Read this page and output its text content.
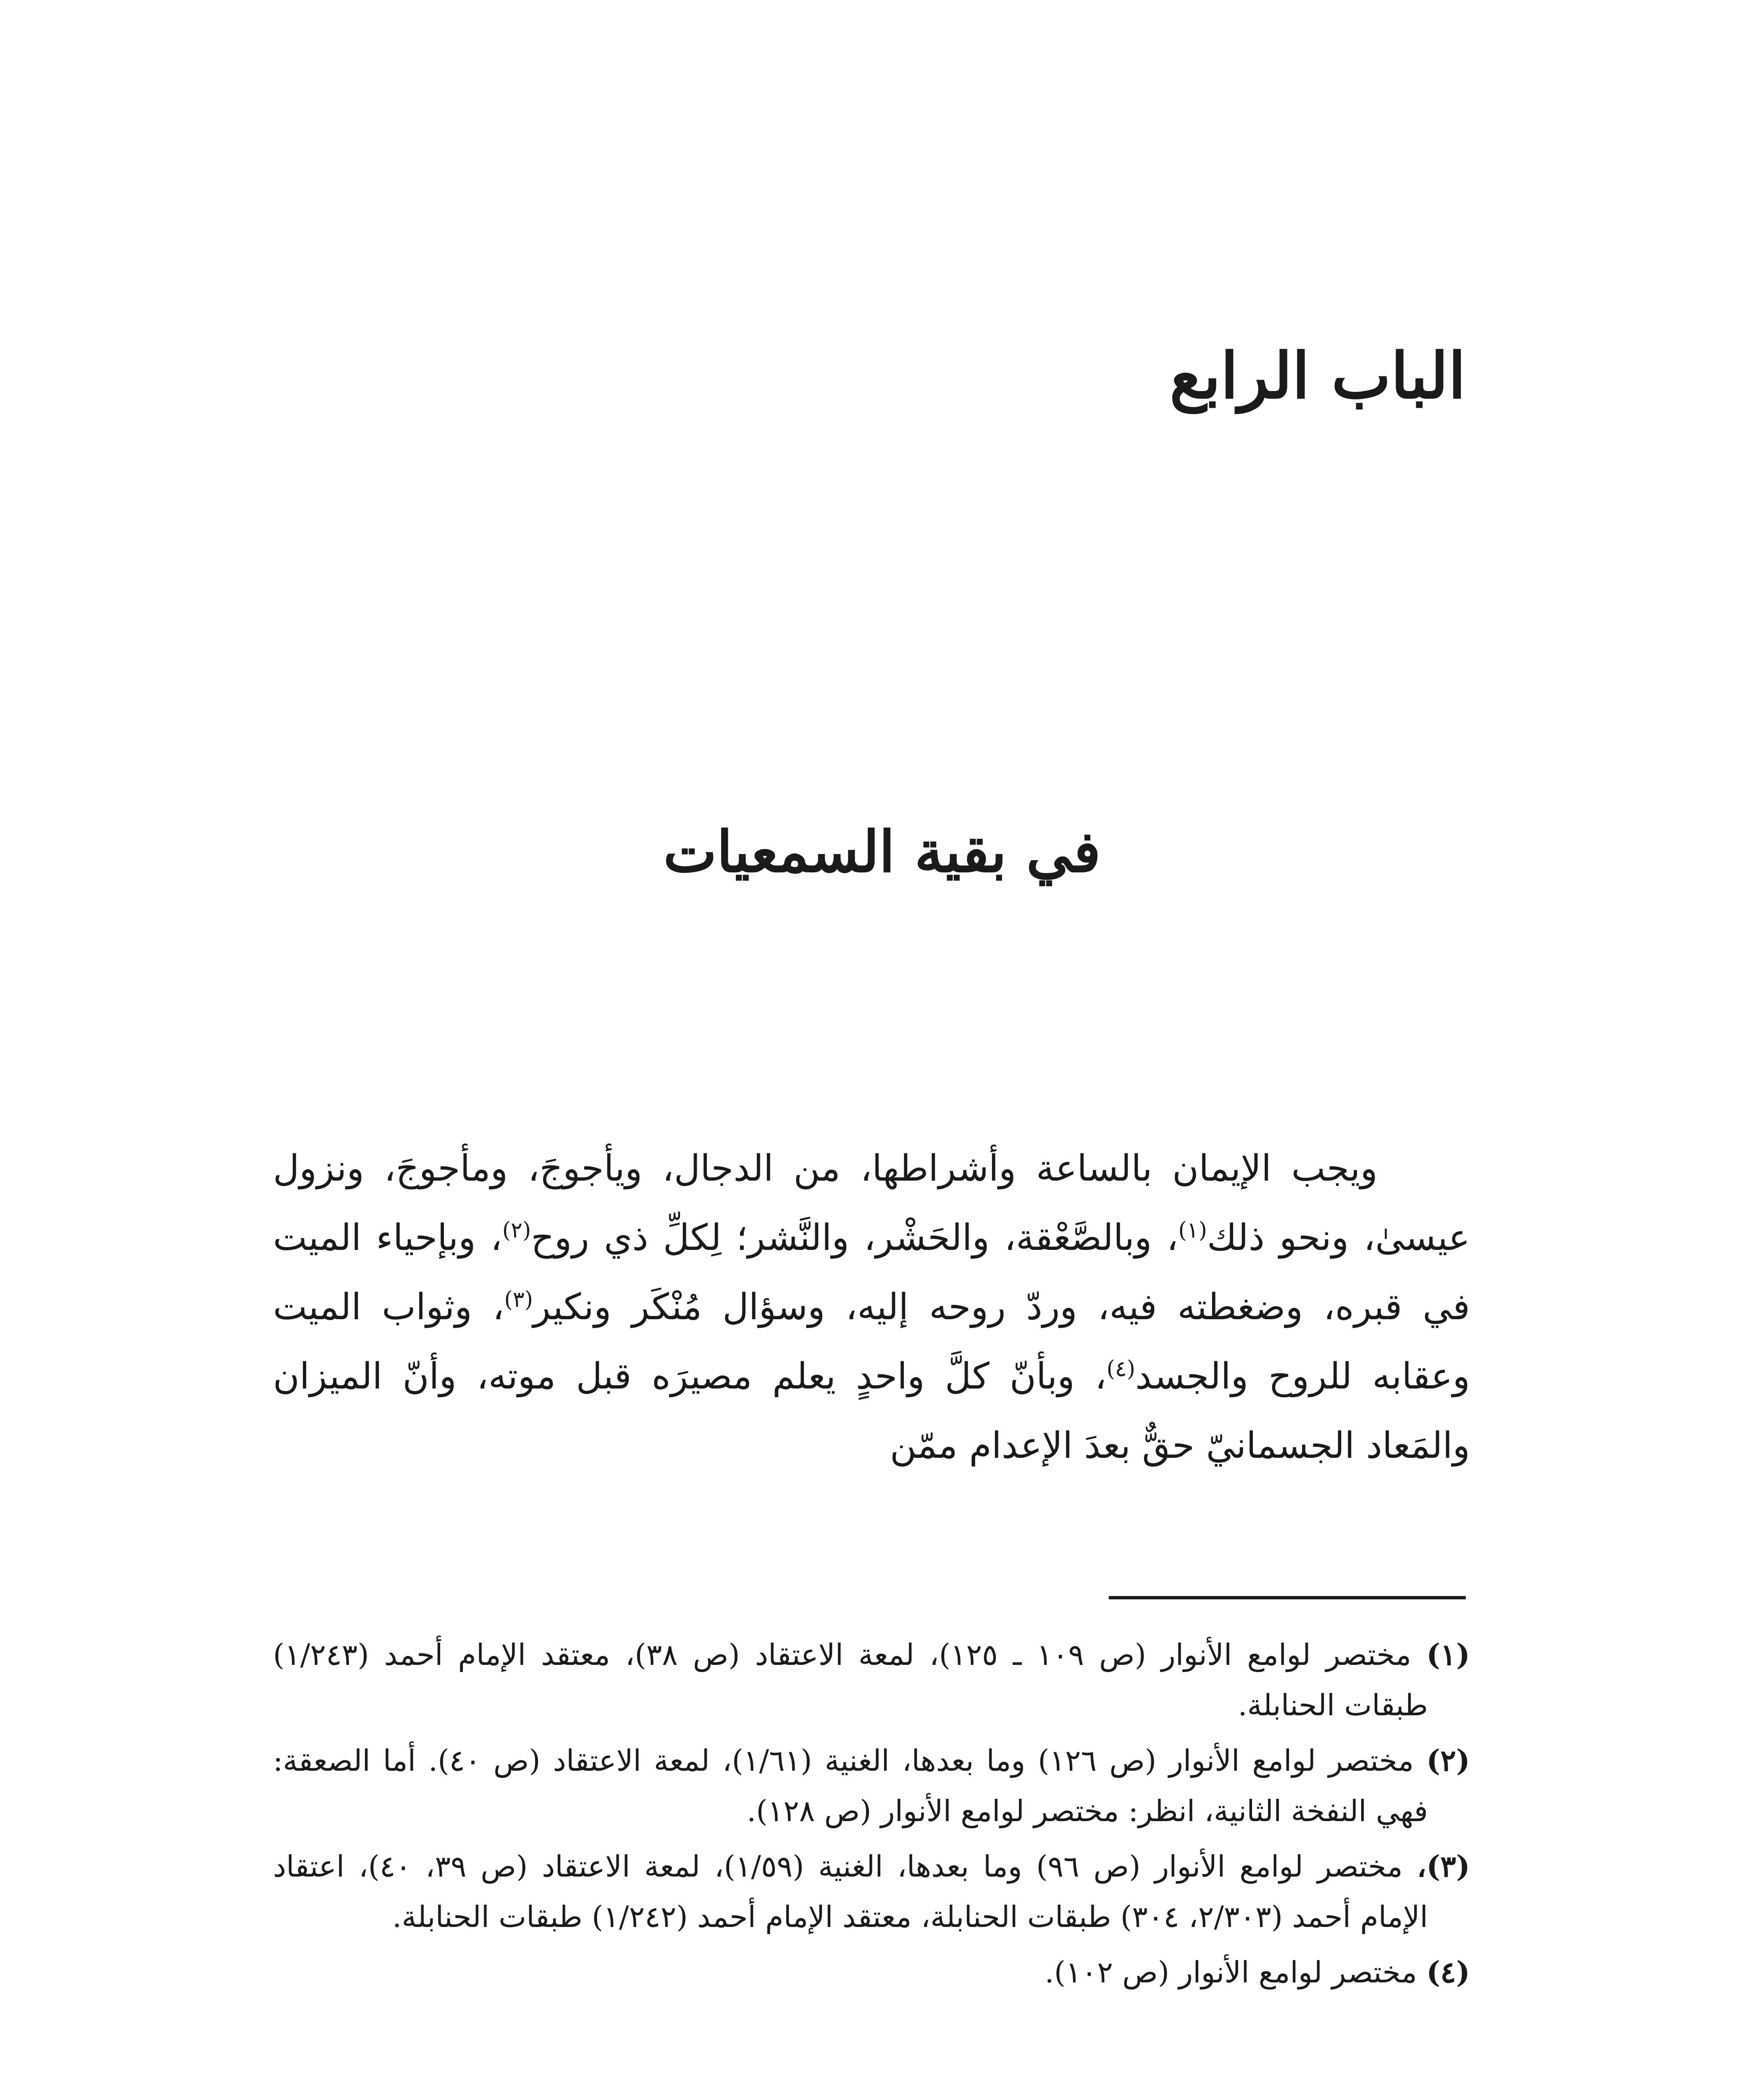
الباب الرابع
في بقية السمعيات

ويجب الإيمان بالساعة وأشراطها، من الدجال، ويأجوجَ، ومأجوجَ، ونزول عيسىٰ، ونحو ذلك$^{(١)}$، وبالصَّعْقة، والحَشْر، والنَّشر؛ لِكلِّ ذي روح$^{(٢)}$، وبإحياء الميت في قبره، وضغطته فيه، وردّ روحه إليه، وسؤال مُنْكَر ونكير$^{(٣)}$، وثواب الميت وعقابه للروح والجسد$^{(٤)}$، وبأنّ كلَّ واحدٍ يعلم مصيرَه قبل موته، وأنّ الميزان والمَعاد الجسمانيّ حقٌّ بعدَ الإعدام ممّن

(١) مختصر لوامع الأنوار (ص ١٠٩ ـ ١٢٥)، لمعة الاعتقاد (ص ٣٨)، معتقد الإمام أحمد (١/٢٤٣) طبقات الحنابلة.
(٢) مختصر لوامع الأنوار (ص ١٢٦) وما بعدها، الغنية (١/٦١)، لمعة الاعتقاد (ص ٤٠). أما الصعقة: فهي النفخة الثانية، انظر: مختصر لوامع الأنوار (ص ١٢٨).
(٣)، مختصر لوامع الأنوار (ص ٩٦) وما بعدها، الغنية (١/٥٩)، لمعة الاعتقاد (ص ٣٩، ٤٠)، اعتقاد الإمام أحمد (٢/٣٠٣، ٣٠٤) طبقات الحنابلة، معتقد الإمام أحمد (١/٢٤٢) طبقات الحنابلة.
(٤) مختصر لوامع الأنوار (ص ١٠٢).
